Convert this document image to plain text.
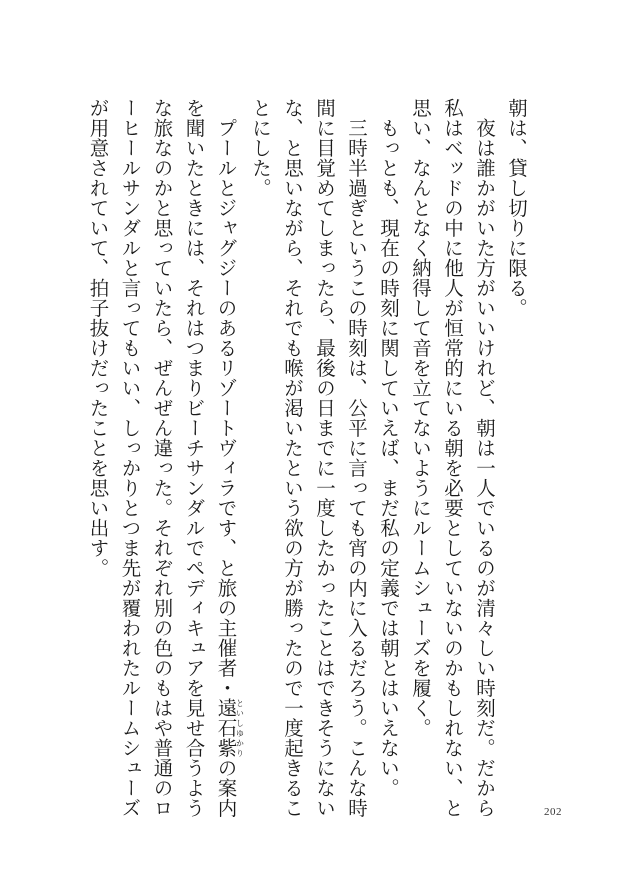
朝は、貸し切りに限る。

夜は誰かがいた方がいいけれど、朝は一人でいるのが清々しい時刻だ。だから私はベッドの中に他人が恒常的にいる朝を必要としていないのかもしれない、と思い、なんとなく納得して音を立てないようにルームシューズを履く。

もっとも、現在の時刻に関していえば、まだ私の定義では朝とはいえない。

三時半過ぎというこの時刻は、公平に言っても宵の内に入るだろう。こんな時間に目覚めてしまったら、最後の日までに一度したかったことはできそうにないな、と思いながら、それでも喉が渇いたという欲の方が勝ったので一度起きることにした。

プールとジャグジーのあるリゾートヴィラです、と旅の主催者・遠石紫といしゆかりの案内を聞いたときには、それはつまりビーチサンダルでペディキュアを見せ合うような旅なのかと思っていたら、ぜんぜん違った。それぞれ別の色のもはや普通のローヒールサンダルと言ってもいい、しっかりとつま先が覆われたルームシューズが用意されていて、拍子抜けだったことを思い出す。

202
